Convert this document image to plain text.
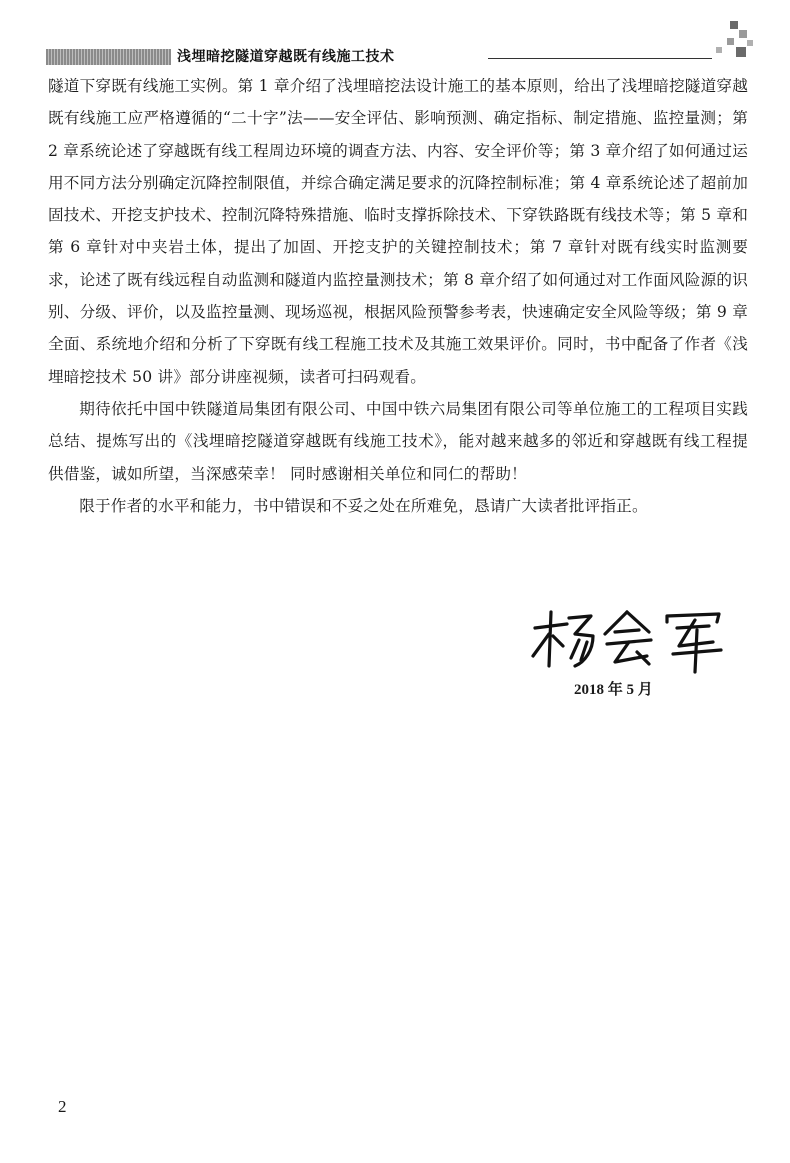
浅埋暗挖隧道穿越既有线施工技术

隧道下穿既有线施工实例。第 1 章介绍了浅埋暗挖法设计施工的基本原则，给出了浅埋暗挖隧道穿越既有线施工应严格遵循的“二十字”法——安全评估、影响预测、确定指标、制定措施、监控量测；第 2 章系统论述了穿越既有线工程周边环境的调查方法、内容、安全评价等；第 3 章介绍了如何通过运用不同方法分别确定沉降控制限值，并综合确定满足要求的沉降控制标准；第 4 章系统论述了超前加固技术、开挖支护技术、控制沉降特殊措施、临时支撑拆除技术、下穿铁路既有线技术等；第 5 章和第 6 章针对中夹岩土体，提出了加固、开挖支护的关键控制技术；第 7 章针对既有线实时监测要求，论述了既有线远程自动监测和隧道内监控量测技术；第 8 章介绍了如何通过对工作面风险源的识别、分级、评价，以及监控量测、现场巡视，根据风险预警参考表，快速确定安全风险等级；第 9 章全面、系统地介绍和分析了下穿既有线工程施工技术及其施工效果评价。同时，书中配备了作者《浅埋暗挖技术 50 讲》部分讲座视频，读者可扫码观看。

期待依托中国中铁隧道局集团有限公司、中国中铁六局集团有限公司等单位施工的工程项目实践总结、提炼写出的《浅埋暗挖隧道穿越既有线施工技术》，能对越来越多的邻近和穿越既有线工程提供借鉴，诚如所望，当深感荣幸！ 同时感谢相关单位和同仁的帮助！

限于作者的水平和能力，书中错误和不妥之处在所难免，恳请广大读者批评指正。

2018 年 5 月
2
